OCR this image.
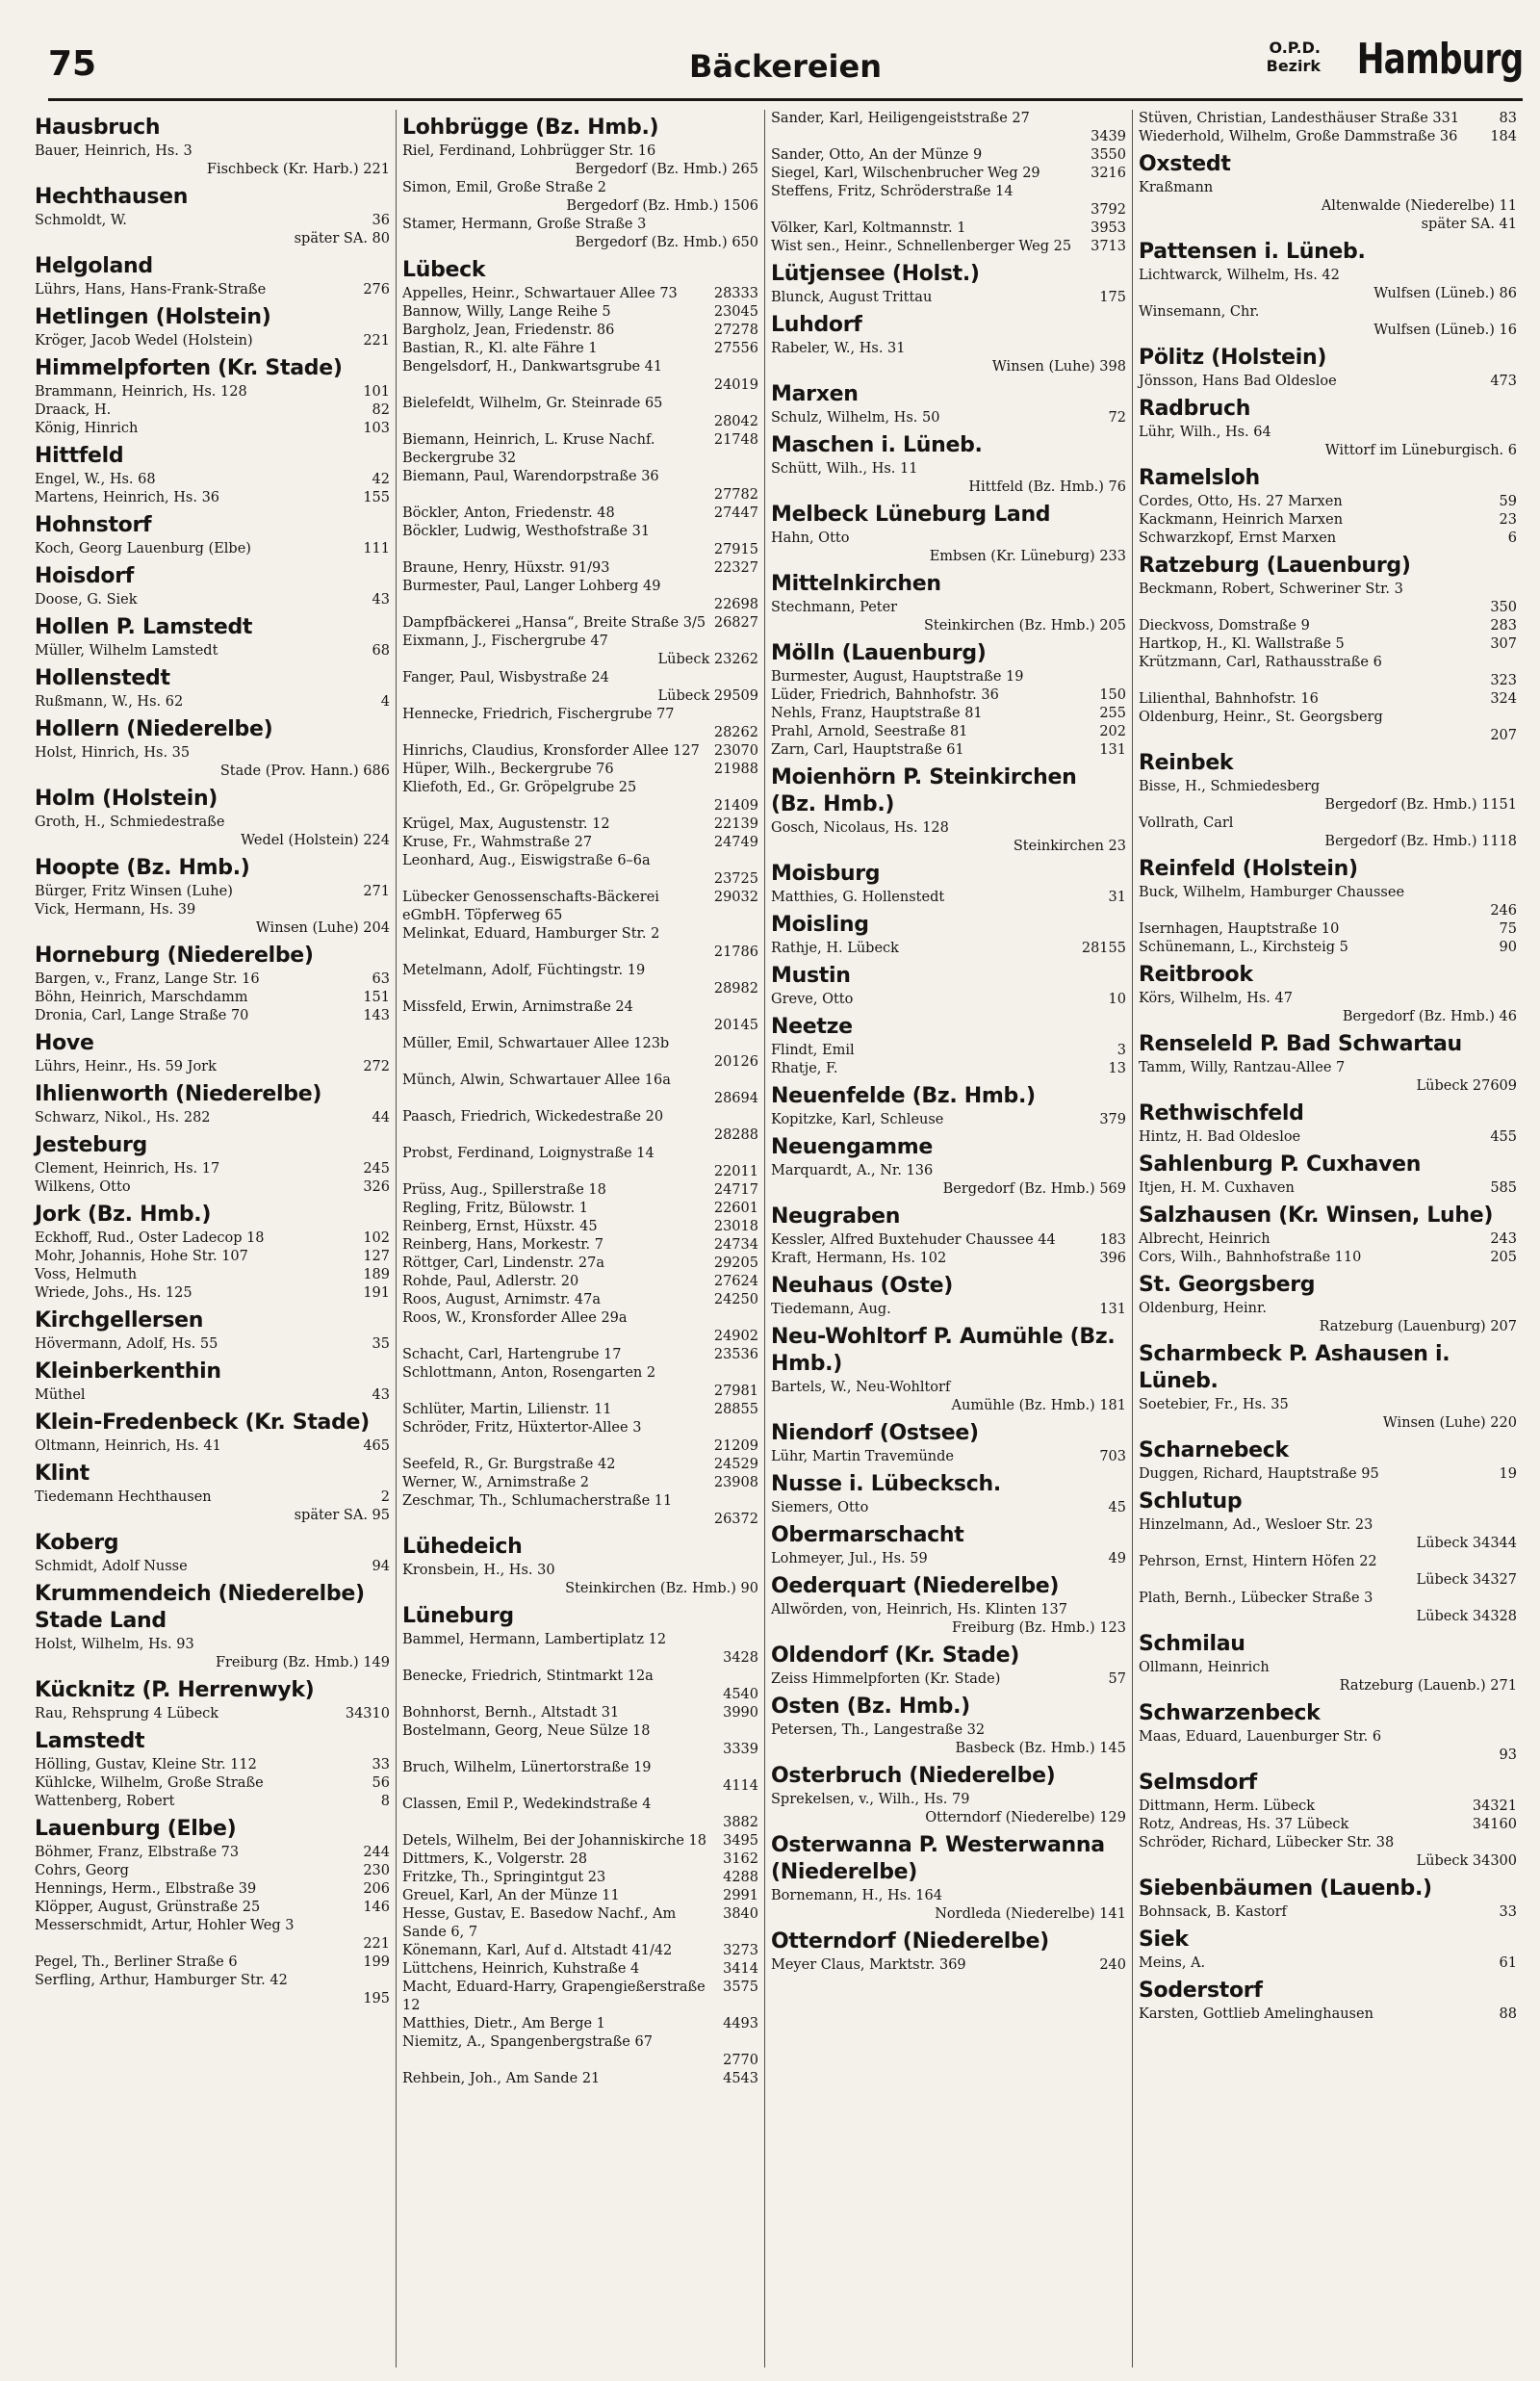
75	Bäckereien
O.P.D.
Bezirk Hamburg
Hausbruch
Bauer, Heinrich, Hs. 3
Fischbeck (Kr. Harb.) 221
Hechthausen
Schmoldt, W.	36
später SA. 80
Helgoland
Lührs, Hans, Hans-Frank-Straße	276
Hetlingen (Holstein)
Kröger, Jacob Wedel (Holstein)	221
Himmelpforten (Kr. Stade)
Brammann, Heinrich, Hs. 128	101
Draack, H.	82
König, Hinrich	103
Hittfeld
Engel, W., Hs. 68	42
Martens, Heinrich, Hs. 36	155
Hohnstorf
Koch, Georg Lauenburg (Elbe)	111
Hoisdorf
Doose, G. Siek	43
Hollen P. Lamstedt
Müller, Wilhelm Lamstedt	68
Hollenstedt
Rußmann, W., Hs. 62	4
Hollern (Niederelbe)
Holst, Hinrich, Hs. 35
Stade (Prov. Hann.) 686
Holm (Holstein)
Groth, H., Schmiedestraße
Wedel (Holstein) 224
Hoopte (Bz. Hmb.)
Bürger, Fritz Winsen (Luhe)	271
Vick, Hermann, Hs. 39
Winsen (Luhe) 204
Horneburg (Niederelbe)
Bargen, v., Franz, Lange Str. 16	63
Böhn, Heinrich, Marschdamm	151
Dronia, Carl, Lange Straße 70	143
Hove
Lührs, Heinr., Hs. 59 Jork	272
Ihlienworth (Niederelbe)
Schwarz, Nikol., Hs. 282	44
Jesteburg
Clement, Heinrich, Hs. 17	245
Wilkens, Otto	326
Jork (Bz. Hmb.)
Eckhoff, Rud., Oster Ladecop 18	102
Mohr, Johannis, Hohe Str. 107	127
Voss, Helmuth	189
Wriede, Johs., Hs. 125	191
Kirchgellersen
Hövermann, Adolf, Hs. 55	35
Kleinberkenthin
Müthel	43
Klein-Fredenbeck (Kr. Stade)
Oltmann, Heinrich, Hs. 41	465
Klint
Tiedemann Hechthausen	2
später SA. 95
Koberg
Schmidt, Adolf Nusse	94
Krummendeich (Niederelbe) Stade Land
Holst, Wilhelm, Hs. 93
Freiburg (Bz. Hmb.) 149
Kücknitz (P. Herrenwyk)
Rau, Rehsprung 4 Lübeck	34310
Lamstedt
Hölling, Gustav, Kleine Str. 112	33
Kühlcke, Wilhelm, Große Straße	56
Wattenberg, Robert	8
Lauenburg (Elbe)
Böhmer, Franz, Elbstraße 73	244
Cohrs, Georg	230
Hennings, Herm., Elbstraße 39	206
Klöpper, August, Grünstraße 25	146
Messerschmidt, Artur, Hohler Weg 3
221
Pegel, Th., Berliner Straße 6	199
Serfling, Arthur, Hamburger Str. 42
195
Lohbrügge (Bz. Hmb.)
Riel, Ferdinand, Lohbrügger Str. 16
Bergedorf (Bz. Hmb.) 265
Simon, Emil, Große Straße 2
Bergedorf (Bz. Hmb.) 1506
Stamer, Hermann, Große Straße 3
Bergedorf (Bz. Hmb.) 650
Lübeck
Appelles, Heinr., Schwartauer Allee 73	28333
Bannow, Willy, Lange Reihe 5	23045
Bargholz, Jean, Friedenstr. 86	27278
Bastian, R., Kl. alte Fähre 1	27556
Bengelsdorf, H., Dankwartsgrube 41
24019
Bielefeldt, Wilhelm, Gr. Steinrade 65
28042
Biemann, Heinrich, L. Kruse Nachf. Beckergrube 32
21748
Biemann, Paul, Warendorpstraße 36
27782
Böckler, Anton, Friedenstr. 48	27447
Böckler, Ludwig, Westhofstraße 31
27915
Braune, Henry, Hüxstr. 91/93	22327
Burmester, Paul, Langer Lohberg 49
22698
Dampfbäckerei „Hansa“, Breite Straße 3/5 26827
Eixmann, J., Fischergrube 47
Lübeck 23262
Fanger, Paul, Wisbystraße 24
Lübeck 29509
Hennecke, Friedrich, Fischergrube 77
28262
Hinrichs, Claudius, Kronsforder Allee 127	23070
Hüper, Wilh., Beckergrube 76	21988
Kliefoth, Ed., Gr. Gröpelgrube 25
21409
Krügel, Max, Augustenstr. 12	22139
Kruse, Fr., Wahmstraße 27	24749
Leonhard, Aug., Eiswigstraße 6–6a
23725
Lübecker Genossenschafts-Bäckerei eGmbH. Töpferweg 65
29032
Melinkat, Eduard, Hamburger Str. 2
21786
Metelmann, Adolf, Füchtingstr. 19
28982
Missfeld, Erwin, Arnimstraße 24
20145
Müller, Emil, Schwartauer Allee 123b
20126
Münch, Alwin, Schwartauer Allee 16a
28694
Paasch, Friedrich, Wickedestraße 20
28288
Probst, Ferdinand, Loignystraße 14
22011
Prüss, Aug., Spillerstraße 18	24717
Regling, Fritz, Bülowstr. 1	22601
Reinberg, Ernst, Hüxstr. 45	23018
Reinberg, Hans, Morkestr. 7	24734
Röttger, Carl, Lindenstr. 27a	29205
Rohde, Paul, Adlerstr. 20	27624
Roos, August, Arnimstr. 47a	24250
Roos, W., Kronsforder Allee 29a
24902
Schacht, Carl, Hartengrube 17	23536
Schlottmann, Anton, Rosengarten 2
27981
Schlüter, Martin, Lilienstr. 11	28855
Schröder, Fritz, Hüxtertor-Allee 3
21209
Seefeld, R., Gr. Burgstraße 42	24529
Werner, W., Arnimstraße 2	23908
Zeschmar, Th., Schlumacherstraße 11
26372
Lühedeich
Kronsbein, H., Hs. 30
Steinkirchen (Bz. Hmb.) 90
Lüneburg
Bammel, Hermann, Lambertiplatz 12
3428
Benecke, Friedrich, Stintmarkt 12a
4540
Bohnhorst, Bernh., Altstadt 31	3990
Bostelmann, Georg, Neue Sülze 18
3339
Bruch, Wilhelm, Lünertorstraße 19
4114
Classen, Emil P., Wedekindstraße 4
3882
Detels, Wilhelm, Bei der Johanniskirche 18	3495
Dittmers, K., Volgerstr. 28	3162
Fritzke, Th., Springintgut 23	4288
Greuel, Karl, An der Münze 11	2991
Hesse, Gustav, E. Basedow Nachf., Am Sande 6, 7
3840
Könemann, Karl, Auf d. Altstadt 41/42	3273
Lüttchens, Heinrich, Kuhstraße 4	3414
Macht, Eduard-Harry, Grapengießerstraße 12
3575
Matthies, Dietr., Am Berge 1	4493
Niemitz, A., Spangenbergstraße 67
2770
Rehbein, Joh., Am Sande 21	4543
Sander, Karl, Heiligengeiststraße 27
3439
Sander, Otto, An der Münze 9	3550
Siegel, Karl, Wilschenbrucher Weg 29	3216
Steffens, Fritz, Schröderstraße 14
3792
Völker, Karl, Koltmannstr. 1	3953
Wist sen., Heinr., Schnellenberger Weg 25	3713
Lütjensee (Holst.)
Blunck, August Trittau	175
Luhdorf
Rabeler, W., Hs. 31
Winsen (Luhe) 398
Marxen
Schulz, Wilhelm, Hs. 50	72
Maschen i. Lüneb.
Schütt, Wilh., Hs. 11
Hittfeld (Bz. Hmb.) 76
Melbeck Lüneburg Land
Hahn, Otto
Embsen (Kr. Lüneburg) 233
Mittelnkirchen
Stechmann, Peter
Steinkirchen (Bz. Hmb.) 205
Mölln (Lauenburg)
Burmester, August, Hauptstraße 19
Lüder, Friedrich, Bahnhofstr. 36	150
Nehls, Franz, Hauptstraße 81	255
Prahl, Arnold, Seestraße 81	202
Zarn, Carl, Hauptstraße 61	131
Moienhörn P. Steinkirchen (Bz. Hmb.)
Gosch, Nicolaus, Hs. 128
Steinkirchen 23
Moisburg
Matthies, G. Hollenstedt	31
Moisling
Rathje, H. Lübeck	28155
Mustin
Greve, Otto	10
Neetze
Flindt, Emil	3
Rhatje, F.	13
Neuenfelde (Bz. Hmb.)
Kopitzke, Karl, Schleuse	379
Neuengamme
Marquardt, A., Nr. 136
Bergedorf (Bz. Hmb.) 569
Neugraben
Kessler, Alfred Buxtehuder Chaussee 44	183
Kraft, Hermann, Hs. 102	396
Neuhaus (Oste)
Tiedemann, Aug.	131
Neu-Wohltorf P. Aumühle (Bz. Hmb.)
Bartels, W., Neu-Wohltorf
Aumühle (Bz. Hmb.) 181
Niendorf (Ostsee)
Lühr, Martin Travemünde	703
Nusse i. Lübecksch.
Siemers, Otto	45
Obermarschacht
Lohmeyer, Jul., Hs. 59	49
Oederquart (Niederelbe)
Allwörden, von, Heinrich, Hs. Klinten 137
Freiburg (Bz. Hmb.) 123
Oldendorf (Kr. Stade)
Zeiss Himmelpforten (Kr. Stade)	57
Osten (Bz. Hmb.)
Petersen, Th., Langestraße 32
Basbeck (Bz. Hmb.) 145
Osterbruch (Niederelbe)
Sprekelsen, v., Wilh., Hs. 79
Otterndorf (Niederelbe) 129
Osterwanna P. Westerwanna (Niederelbe)
Bornemann, H., Hs. 164
Nordleda (Niederelbe) 141
Otterndorf (Niederelbe)
Meyer Claus, Marktstr. 369	240
Stüven, Christian, Landesthäuser Straße 331	83
Wiederhold, Wilhelm, Große Dammstraße 36	184
Oxstedt
Kraßmann
Altenwalde (Niederelbe) 11
später SA. 41
Pattensen i. Lüneb.
Lichtwarck, Wilhelm, Hs. 42
Wulfsen (Lüneb.) 86
Winsemann, Chr.
Wulfsen (Lüneb.) 16
Pölitz (Holstein)
Jönsson, Hans Bad Oldesloe	473
Radbruch
Lühr, Wilh., Hs. 64
Wittorf im Lüneburgisch. 6
Ramelsloh
Cordes, Otto, Hs. 27 Marxen	59
Kackmann, Heinrich Marxen	23
Schwarzkopf, Ernst Marxen	6
Ratzeburg (Lauenburg)
Beckmann, Robert, Schweriner Str. 3
350
Dieckvoss, Domstraße 9	283
Hartkop, H., Kl. Wallstraße 5	307
Krützmann, Carl, Rathausstraße 6
323
Lilienthal, Bahnhofstr. 16	324
Oldenburg, Heinr., St. Georgsberg
207
Reinbek
Bisse, H., Schmiedesberg
Bergedorf (Bz. Hmb.) 1151
Vollrath, Carl
Bergedorf (Bz. Hmb.) 1118
Reinfeld (Holstein)
Buck, Wilhelm, Hamburger Chaussee
246
Isernhagen, Hauptstraße 10	75
Schünemann, L., Kirchsteig 5	90
Reitbrook
Körs, Wilhelm, Hs. 47
Bergedorf (Bz. Hmb.) 46
Renseleld P. Bad Schwartau
Tamm, Willy, Rantzau-Allee 7
Lübeck 27609
Rethwischfeld
Hintz, H. Bad Oldesloe	455
Sahlenburg P. Cuxhaven
Itjen, H. M. Cuxhaven	585
Salzhausen (Kr. Winsen, Luhe)
Albrecht, Heinrich	243
Cors, Wilh., Bahnhofstraße 110	205
St. Georgsberg
Oldenburg, Heinr.
Ratzeburg (Lauenburg) 207
Scharmbeck P. Ashausen i. Lüneb.
Soetebier, Fr., Hs. 35
Winsen (Luhe) 220
Scharnebeck
Duggen, Richard, Hauptstraße 95	19
Schlutup
Hinzelmann, Ad., Wesloer Str. 23
Lübeck 34344
Pehrson, Ernst, Hintern Höfen 22
Lübeck 34327
Plath, Bernh., Lübecker Straße 3
Lübeck 34328
Schmilau
Ollmann, Heinrich
Ratzeburg (Lauenb.) 271
Schwarzenbeck
Maas, Eduard, Lauenburger Str. 6
93
Selmsdorf
Dittmann, Herm. Lübeck	34321
Rotz, Andreas, Hs. 37 Lübeck	34160
Schröder, Richard, Lübecker Str. 38
Lübeck 34300
Siebenbäumen (Lauenb.)
Bohnsack, B. Kastorf	33
Siek
Meins, A.	61
Soderstorf
Karsten, Gottlieb Amelinghausen	88
